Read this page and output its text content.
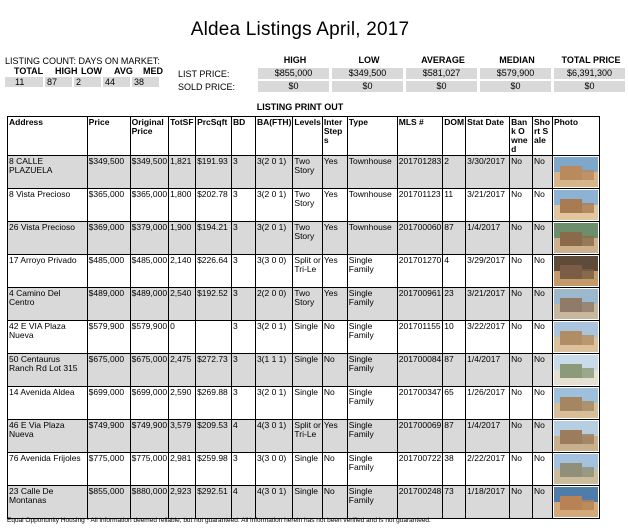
Aldea Listings April, 2017
LISTING COUNT: DAYS ON MARKET:
TOTAL	HIGH LOW	AVG	MED
11	87	2	44	38
HIGH	LOW	AVERAGE	MEDIAN	TOTAL PRICE
LIST PRICE:	$855,000	$349,500	$581,027	$579,900	$6,391,300
SOLD PRICE:	$0	$0	$0	$0	$0
LISTING PRINT OUT
Address	Price	Original Price	TotSF	PrcSqft	BD	BA(FTH)	Levels	InterSteps	Type	MLS #	DOM	Stat Date	Bank Owned	Short Sale	Photo
8 CALLE PLAZUELA	$349,500	$349,500	1,821	$191.93	3	3(2 0 1)	Two Story	Yes	Townhouse	201701283	2	3/30/2017	No	No	

8 Vista Precioso	$365,000	$365,000	1,800	$202.78	3	3(2 0 1)	Two Story	Yes	Townhouse	201701123	11	3/21/2017	No	No	

26 Vista Precioso	$369,000	$379,000	1,900	$194.21	3	3(2 0 1)	Two Story	Yes	Townhouse	201700060	87	1/4/2017	No	No	

17 Arroyo Privado	$485,000	$485,000	2,140	$226.64	3	3(3 0 0)	Split or Tri-Le	Yes	Single Family	201701270	4	3/29/2017	No	No	

4 Camino Del Centro	$489,000	$489,000	2,540	$192.52	3	2(2 0 0)	Two Story	Yes	Single Family	201700961	23	3/21/2017	No	No	

42 E VIA Plaza Nueva	$579,900	$579,900	0		3	3(2 0 1)	Single	No	Single Family	201701155	10	3/22/2017	No	No	

50 Centaurus Ranch Rd Lot 315	$675,000	$675,000	2,475	$272.73	3	3(1 1 1)	Single	No	Single Family	201700084	87	1/4/2017	No	No	

14 Avenida Aldea	$699,000	$699,000	2,590	$269.88	3	3(2 0 1)	Single	No	Single Family	201700347	65	1/26/2017	No	No	

46 E Via Plaza Nueva	$749,900	$749,900	3,579	$209.53	4	4(3 0 1)	Split or Tri-Le	Yes	Single Family	201700069	87	1/4/2017	No	No	

76 Avenida Frijoles	$775,000	$775,000	2,981	$259.98	3	3(3 0 0)	Single	No	Single Family	201700722	38	2/22/2017	No	No	

23 Calle De Montanas	$855,000	$880,000	2,923	$292.51	4	4(3 0 1)	Single	No	Single Family	201700248	73	1/18/2017	No	No	
Equal Opportunity Housing * All information deemed reliable, but not guaranteed. All information herein has not been verified and is not guaranteed.
